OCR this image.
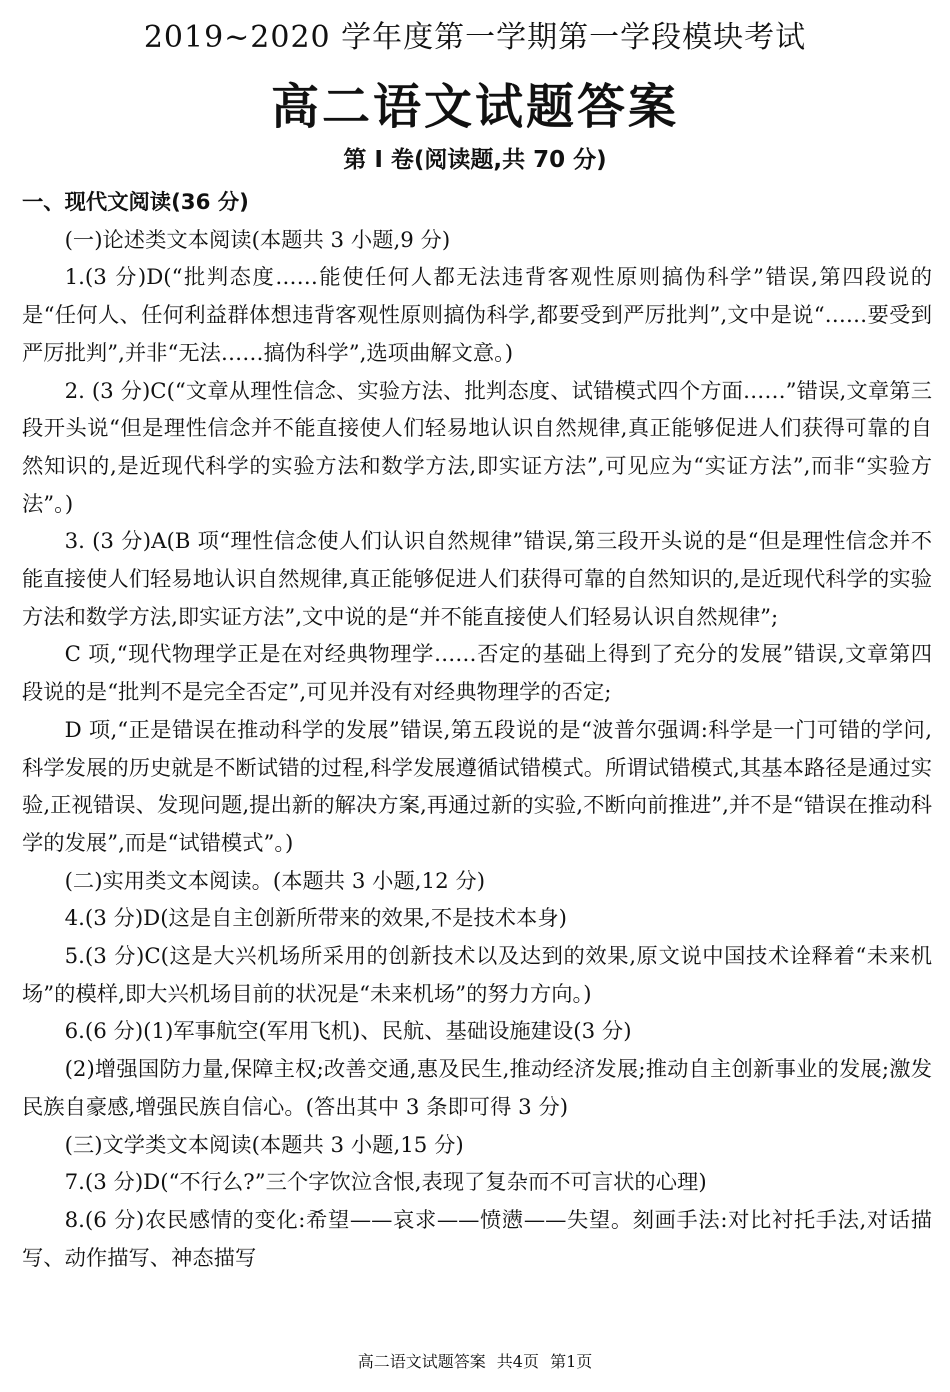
2019~2020 学年度第一学期第一学段模块考试
高二语文试题答案
第 I 卷(阅读题,共 70 分)

一、现代文阅读(36 分)

(一)论述类文本阅读(本题共 3 小题,9 分)

1.(3 分)D(“批判态度……能使任何人都无法违背客观性原则搞伪科学”错误,第四段说的是“任何人、任何利益群体想违背客观性原则搞伪科学,都要受到严厉批判”,文中是说“……要受到严厉批判”,并非“无法……搞伪科学”,选项曲解文意。)

2. (3 分)C(“文章从理性信念、实验方法、批判态度、试错模式四个方面……”错误,文章第三段开头说“但是理性信念并不能直接使人们轻易地认识自然规律,真正能够促进人们获得可靠的自然知识的,是近现代科学的实验方法和数学方法,即实证方法”,可见应为“实证方法”,而非“实验方法”。)

3. (3 分)A(B 项“理性信念使人们认识自然规律”错误,第三段开头说的是“但是理性信念并不能直接使人们轻易地认识自然规律,真正能够促进人们获得可靠的自然知识的,是近现代科学的实验方法和数学方法,即实证方法”,文中说的是“并不能直接使人们轻易认识自然规律”;

C 项,“现代物理学正是在对经典物理学……否定的基础上得到了充分的发展”错误,文章第四段说的是“批判不是完全否定”,可见并没有对经典物理学的否定;

D 项,“正是错误在推动科学的发展”错误,第五段说的是“波普尔强调:科学是一门可错的学问,科学发展的历史就是不断试错的过程,科学发展遵循试错模式。所谓试错模式,其基本路径是通过实验,正视错误、发现问题,提出新的解决方案,再通过新的实验,不断向前推进”,并不是“错误在推动科学的发展”,而是“试错模式”。)

(二)实用类文本阅读。(本题共 3 小题,12 分)

4.(3 分)D(这是自主创新所带来的效果,不是技术本身)

5.(3 分)C(这是大兴机场所采用的创新技术以及达到的效果,原文说中国技术诠释着“未来机场”的模样,即大兴机场目前的状况是“未来机场”的努力方向。)

6.(6 分)(1)军事航空(军用飞机)、民航、基础设施建设(3 分)

(2)增强国防力量,保障主权;改善交通,惠及民生,推动经济发展;推动自主创新事业的发展;激发民族自豪感,增强民族自信心。(答出其中 3 条即可得 3 分)

(三)文学类文本阅读(本题共 3 小题,15 分)

7.(3 分)D(“不行么?”三个字饮泣含恨,表现了复杂而不可言状的心理)

8.(6 分)农民感情的变化:希望——哀求——愤懑——失望。刻画手法:对比衬托手法,对话描写、动作描写、神态描写

高二语文试题答案 共4页 第1页
